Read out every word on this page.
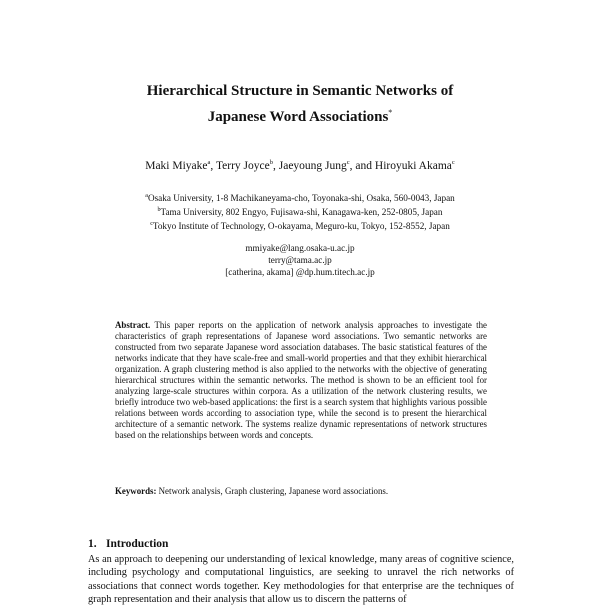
Hierarchical Structure in Semantic Networks of
Japanese Word Associations*
Maki Miyake$^a$, Terry Joyce$^b$, Jaeyoung Jung$^c$, and Hiroyuki Akama$^c$
$^a$Osaka University, 1-8 Machikaneyama-cho, Toyonaka-shi, Osaka, 560-0043, Japan
$^b$Tama University, 802 Engyo, Fujisawa-shi, Kanagawa-ken, 252-0805, Japan
$^c$Tokyo Institute of Technology, O-okayama, Meguro-ku, Tokyo, 152-8552, Japan
mmiyake@lang.osaka-u.ac.jp
terry@tama.ac.jp
[catherina, akama] @dp.hum.titech.ac.jp
Abstract. This paper reports on the application of network analysis approaches to investigate the characteristics of graph representations of Japanese word associations. Two semantic networks are constructed from two separate Japanese word association databases. The basic statistical features of the networks indicate that they have scale-free and small-world properties and that they exhibit hierarchical organization. A graph clustering method is also applied to the networks with the objective of generating hierarchical structures within the semantic networks. The method is shown to be an efficient tool for analyzing large-scale structures within corpora. As a utilization of the network clustering results, we briefly introduce two web-based applications: the first is a search system that highlights various possible relations between words according to association type, while the second is to present the hierarchical architecture of a semantic network. The systems realize dynamic representations of network structures based on the relationships between words and concepts.
Keywords: Network analysis, Graph clustering, Japanese word associations.
1. Introduction
As an approach to deepening our understanding of lexical knowledge, many areas of cognitive science, including psychology and computational linguistics, are seeking to unravel the rich networks of associations that connect words together. Key methodologies for that enterprise are the techniques of graph representation and their analysis that allow us to discern the patterns of
